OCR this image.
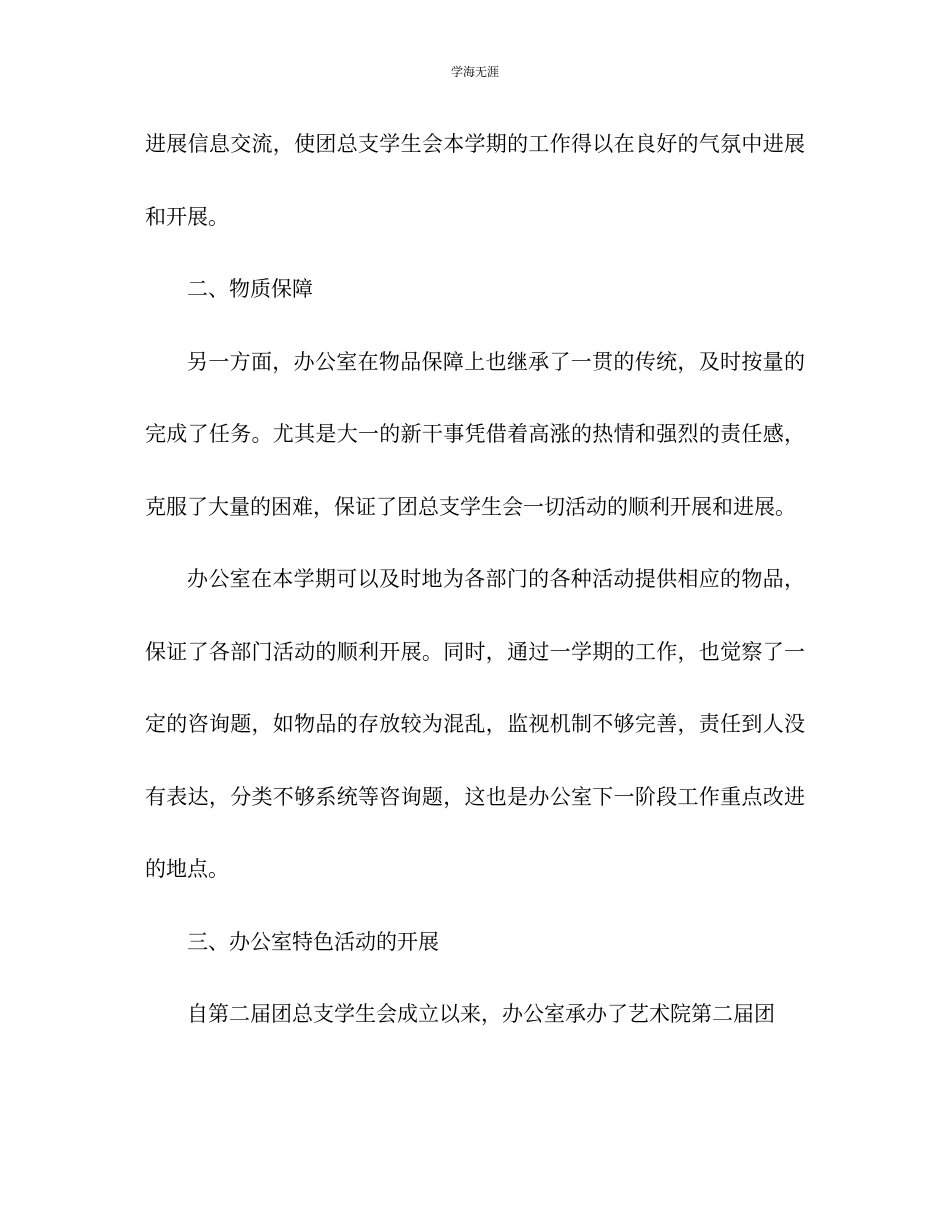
学海无涯

进展信息交流，使团总支学生会本学期的工作得以在良好的气氛中进展和开展。

二、物质保障

另一方面，办公室在物品保障上也继承了一贯的传统，及时按量的完成了任务。尤其是大一的新干事凭借着高涨的热情和强烈的责任感，克服了大量的困难，保证了团总支学生会一切活动的顺利开展和进展。

办公室在本学期可以及时地为各部门的各种活动提供相应的物品，保证了各部门活动的顺利开展。同时，通过一学期的工作，也觉察了一定的咨询题，如物品的存放较为混乱，监视机制不够完善，责任到人没有表达，分类不够系统等咨询题，这也是办公室下一阶段工作重点改进的地点。

三、办公室特色活动的开展

自第二届团总支学生会成立以来，办公室承办了艺术院第二届团
